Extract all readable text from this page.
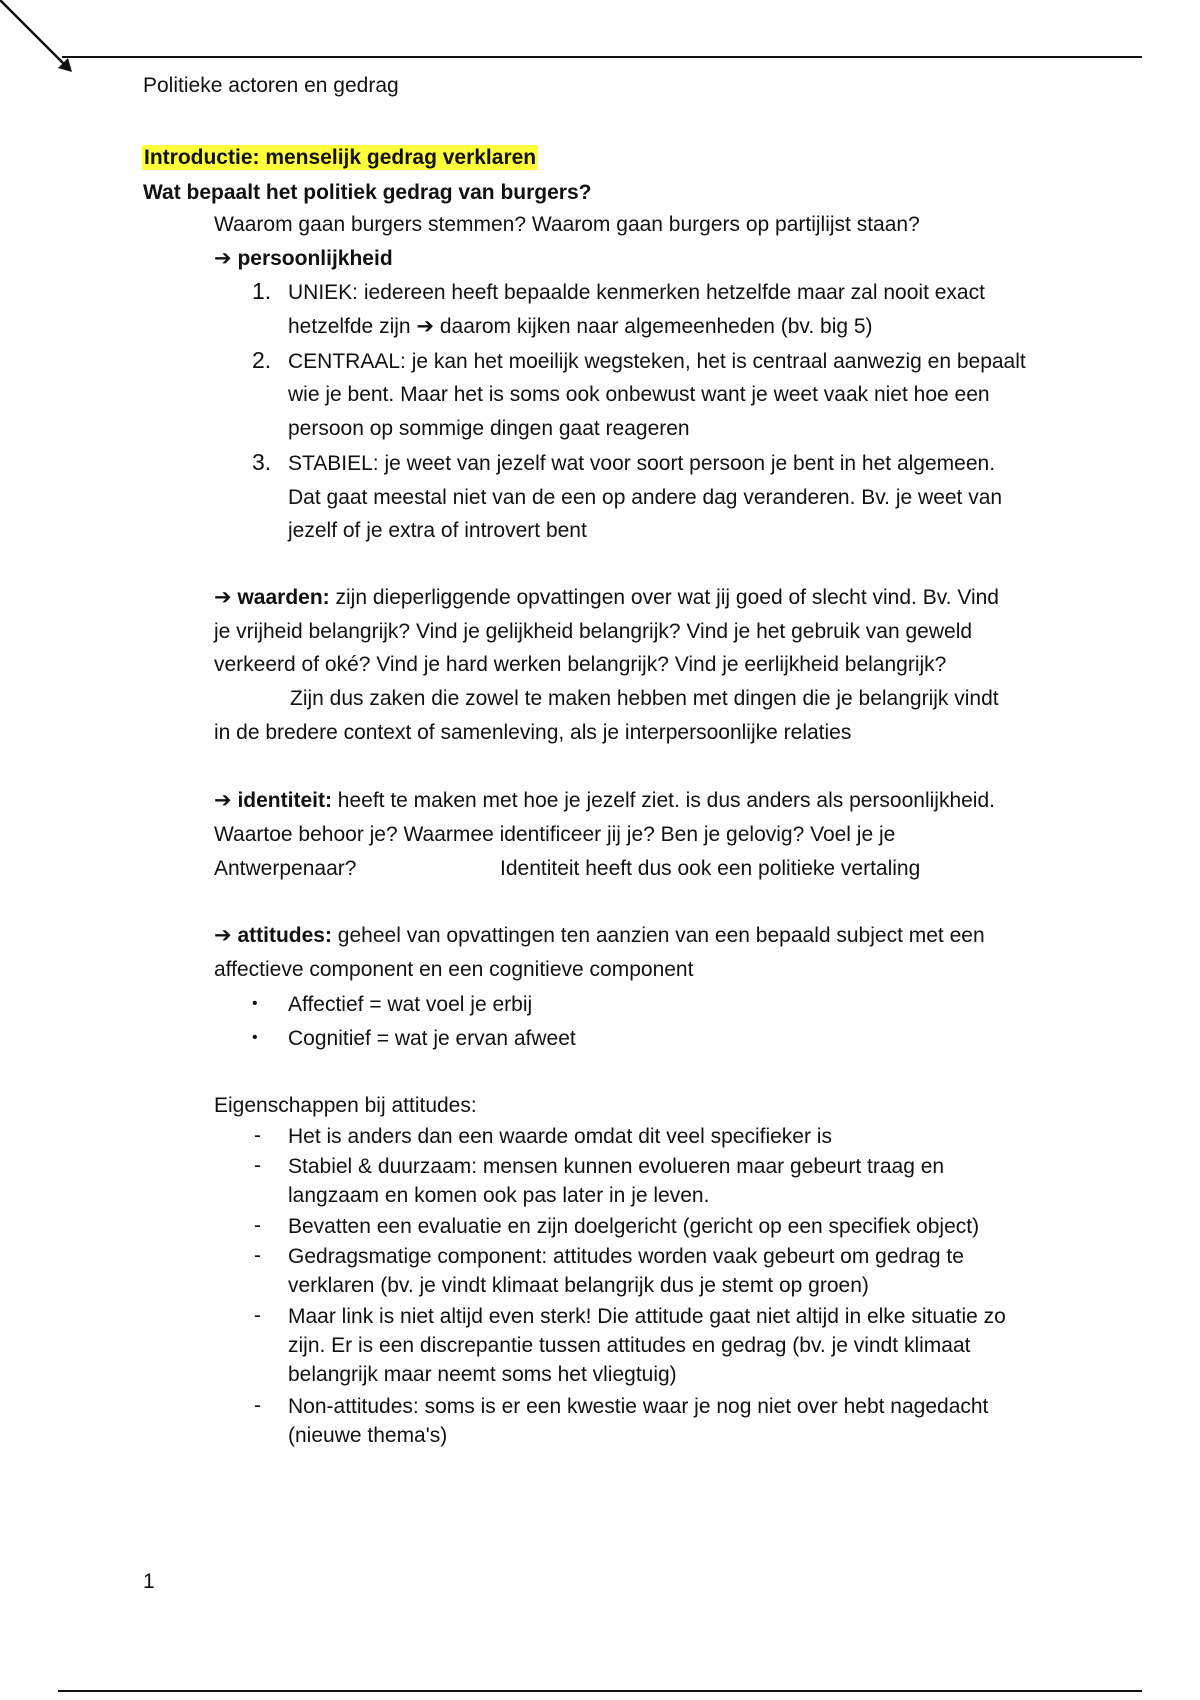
Politieke actoren en gedrag
Introductie: menselijk gedrag verklaren
Wat bepaalt het politiek gedrag van burgers?
Waarom gaan burgers stemmen? Waarom gaan burgers op partijlijst staan?
➔ persoonlijkheid
1. UNIEK: iedereen heeft bepaalde kenmerken hetzelfde maar zal nooit exact
hetzelfde zijn ➔ daarom kijken naar algemeenheden (bv. big 5)
2. CENTRAAL: je kan het moeilijk wegsteken, het is centraal aanwezig en bepaalt
wie je bent. Maar het is soms ook onbewust want je weet vaak niet hoe een
persoon op sommige dingen gaat reageren
3. STABIEL: je weet van jezelf wat voor soort persoon je bent in het algemeen.
Dat gaat meestal niet van de een op andere dag veranderen. Bv. je weet van
jezelf of je extra of introvert bent
➔ waarden: zijn dieperliggende opvattingen over wat jij goed of slecht vind. Bv. Vind
je vrijheid belangrijk? Vind je gelijkheid belangrijk? Vind je het gebruik van geweld
verkeerd of oké? Vind je hard werken belangrijk? Vind je eerlijkheid belangrijk?
Zijn dus zaken die zowel te maken hebben met dingen die je belangrijk vindt
in de bredere context of samenleving, als je interpersoonlijke relaties
➔ identiteit: heeft te maken met hoe je jezelf ziet. is dus anders als persoonlijkheid.
Waartoe behoor je? Waarmee identificeer jij je? Ben je gelovig? Voel je je
Antwerpenaar?	Identiteit heeft dus ook een politieke vertaling
➔ attitudes: geheel van opvattingen ten aanzien van een bepaald subject met een
affectieve component en een cognitieve component
• Affectief = wat voel je erbij
• Cognitief = wat je ervan afweet
Eigenschappen bij attitudes:
- Het is anders dan een waarde omdat dit veel specifieker is
- Stabiel & duurzaam: mensen kunnen evolueren maar gebeurt traag en
langzaam en komen ook pas later in je leven.
- Bevatten een evaluatie en zijn doelgericht (gericht op een specifiek object)
- Gedragsmatige component: attitudes worden vaak gebeurt om gedrag te
verklaren (bv. je vindt klimaat belangrijk dus je stemt op groen)
- Maar link is niet altijd even sterk! Die attitude gaat niet altijd in elke situatie zo
zijn. Er is een discrepantie tussen attitudes en gedrag (bv. je vindt klimaat
belangrijk maar neemt soms het vliegtuig)
- Non-attitudes: soms is er een kwestie waar je nog niet over hebt nagedacht
(nieuwe thema's)
1
